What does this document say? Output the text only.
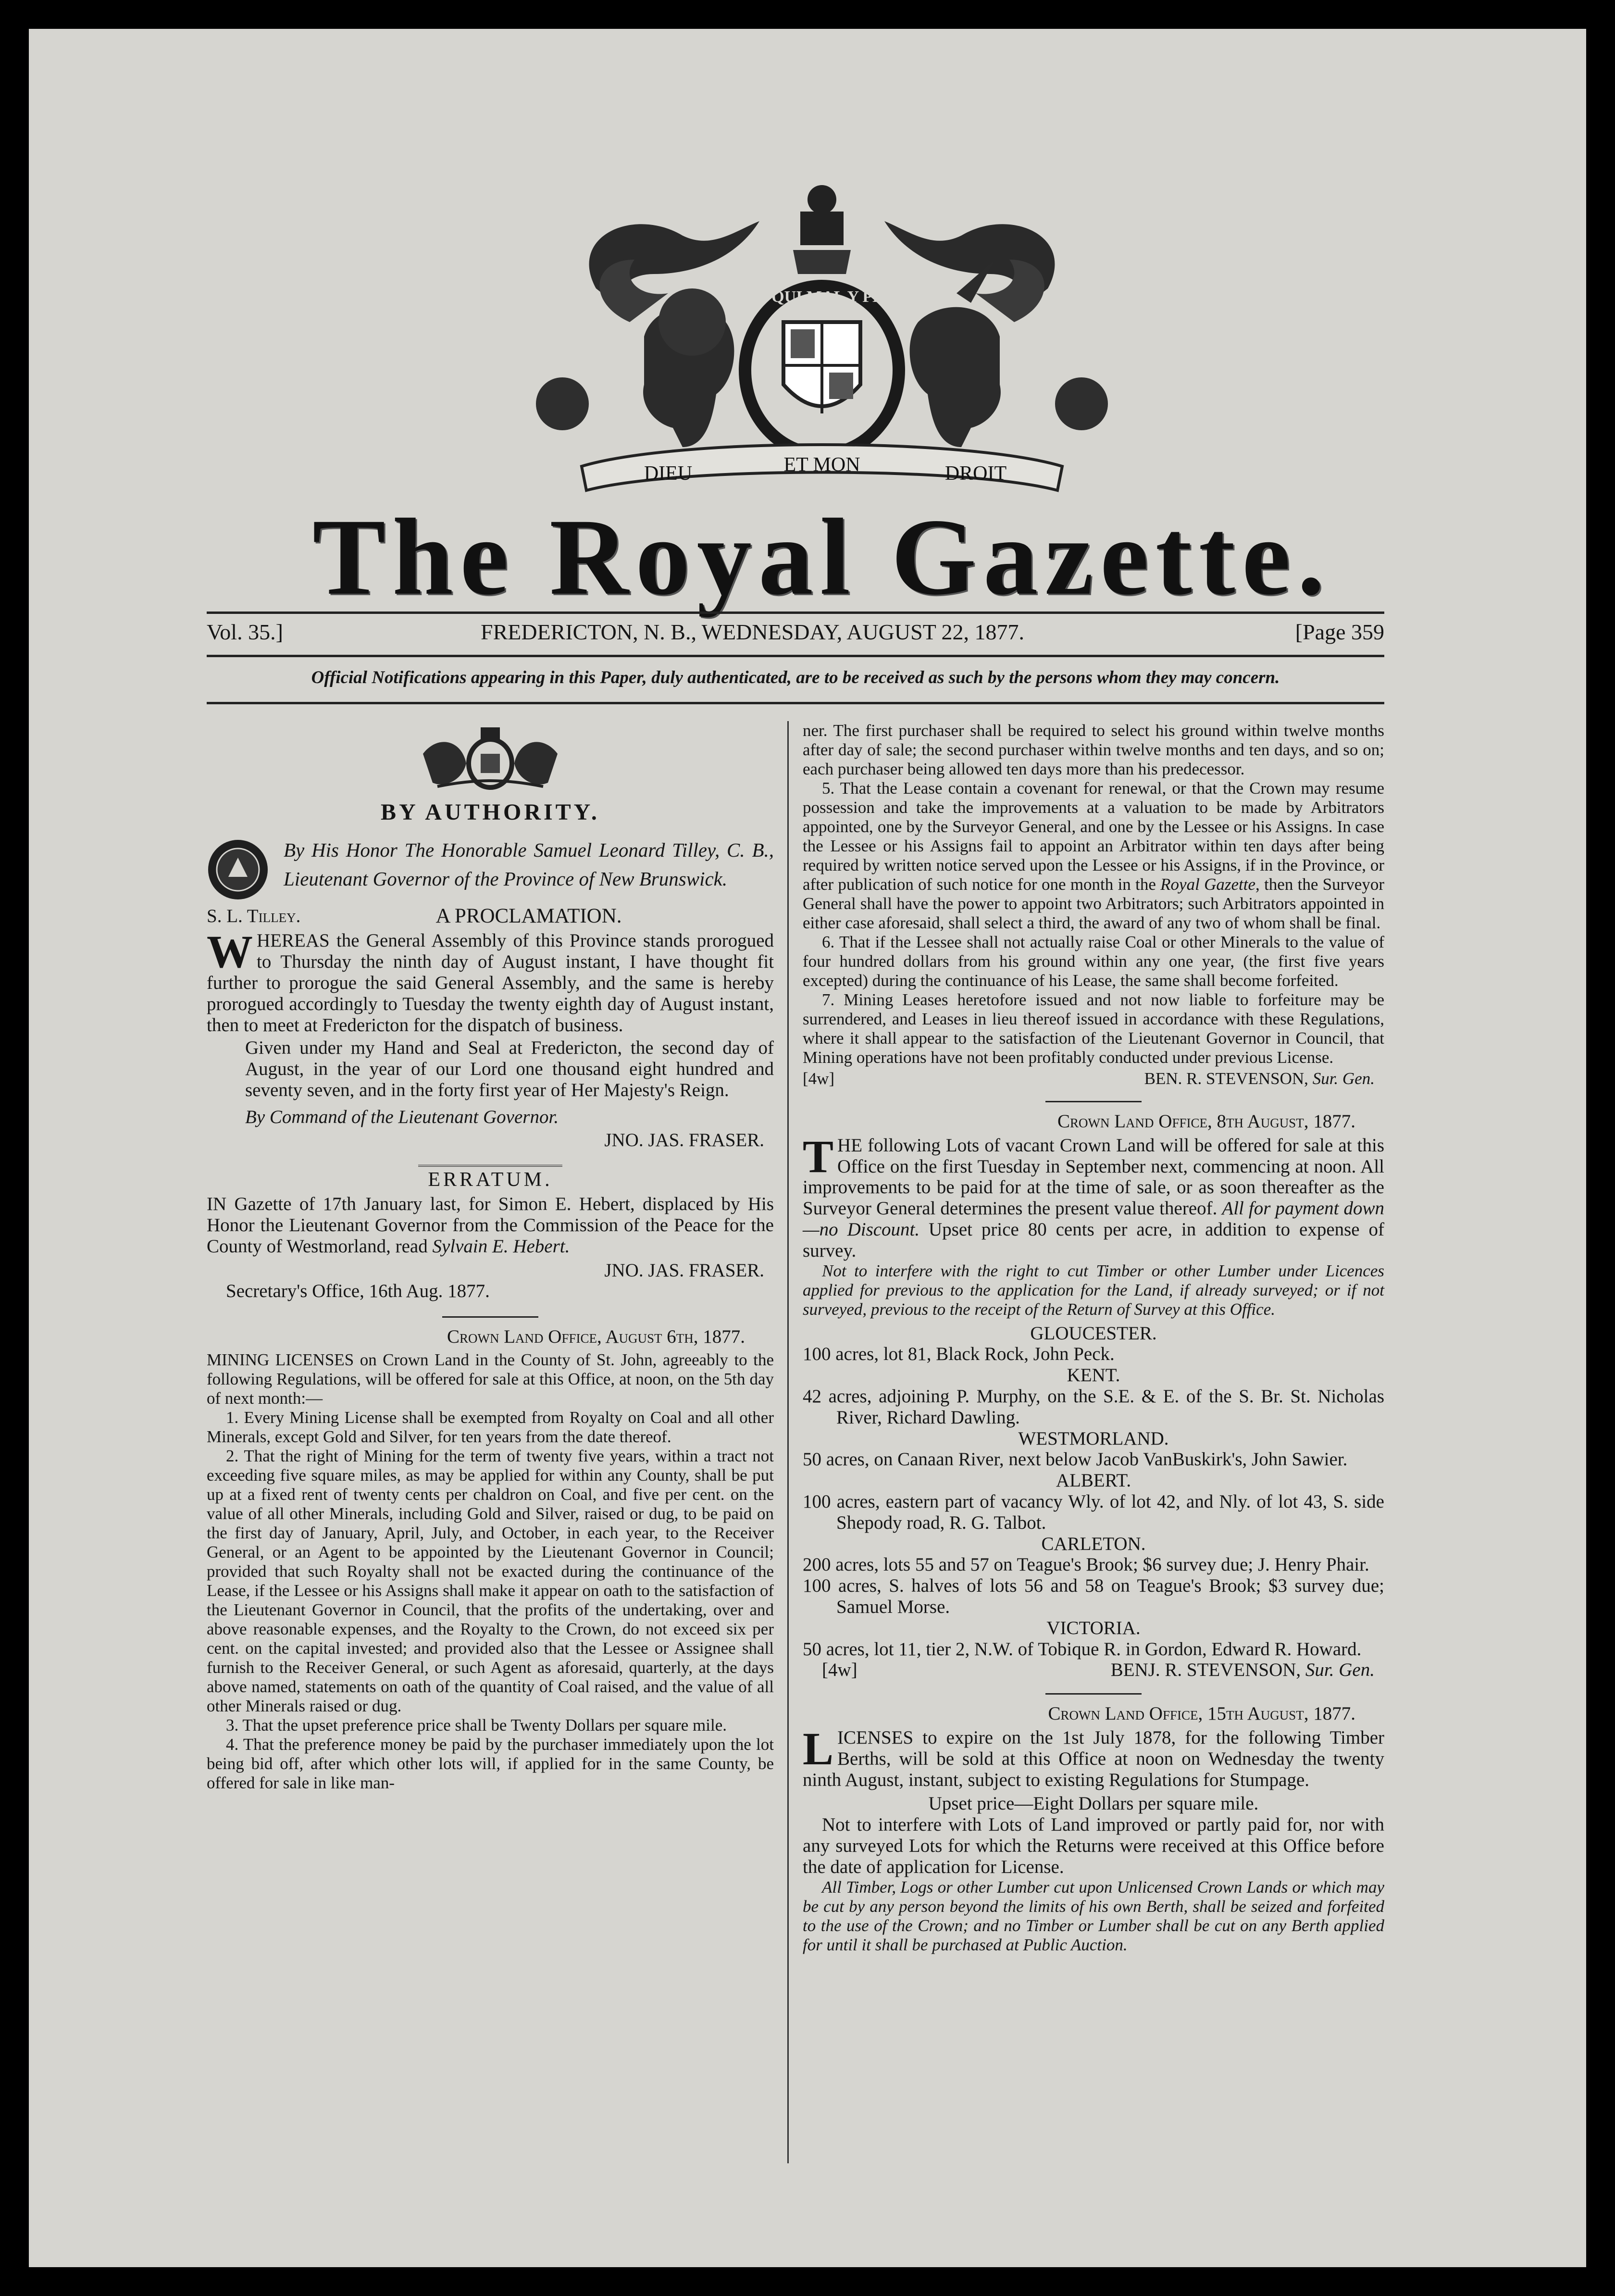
SOIT QUI MAL Y PENSE
DIEU	ET MON	DROIT
The Royal Gazette.
Vol. 35.]	FREDERICTON, N. B., WEDNESDAY, AUGUST 22, 1877.	[Page 359
Official Notifications appearing in this Paper, duly authenticated, are to be received as such by the persons whom they may concern.

BY AUTHORITY.

By His Honor The Honorable Samuel Leonard Tilley, C. B., Lieutenant Governor of the Province of New Brunswick.

S. L. Tilley.	A PROCLAMATION.

WHEREAS the General Assembly of this Province stands prorogued to Thursday the ninth day of August instant, I have thought fit further to prorogue the said General Assembly, and the same is hereby prorogued accordingly to Tuesday the twenty eighth day of August instant, then to meet at Fredericton for the dispatch of business.

Given under my Hand and Seal at Fredericton, the second day of August, in the year of our Lord one thousand eight hundred and seventy seven, and in the forty first year of Her Majesty's Reign.

By Command of the Lieutenant Governor.

JNO. JAS. FRASER.

ERRATUM.

IN Gazette of 17th January last, for Simon E. Hebert, displaced by His Honor the Lieutenant Governor from the Commission of the Peace for the County of Westmorland, read Sylvain E. Hebert.

JNO. JAS. FRASER.

Secretary's Office, 16th Aug. 1877.

Crown Land Office, August 6th, 1877.

MINING LICENSES on Crown Land in the County of St. John, agreeably to the following Regulations, will be offered for sale at this Office, at noon, on the 5th day of next month:—

1. Every Mining License shall be exempted from Royalty on Coal and all other Minerals, except Gold and Silver, for ten years from the date thereof.

2. That the right of Mining for the term of twenty five years, within a tract not exceeding five square miles, as may be applied for within any County, shall be put up at a fixed rent of twenty cents per chaldron on Coal, and five per cent. on the value of all other Minerals, including Gold and Silver, raised or dug, to be paid on the first day of January, April, July, and October, in each year, to the Receiver General, or an Agent to be appointed by the Lieutenant Governor in Council; provided that such Royalty shall not be exacted during the continuance of the Lease, if the Lessee or his Assigns shall make it appear on oath to the satisfaction of the Lieutenant Governor in Council, that the profits of the undertaking, over and above reasonable expenses, and the Royalty to the Crown, do not exceed six per cent. on the capital invested; and provided also that the Lessee or Assignee shall furnish to the Receiver General, or such Agent as aforesaid, quarterly, at the days above named, statements on oath of the quantity of Coal raised, and the value of all other Minerals raised or dug.

3. That the upset preference price shall be Twenty Dollars per square mile.

4. That the preference money be paid by the purchaser immediately upon the lot being bid off, after which other lots will, if applied for in the same County, be offered for sale in like man-

ner. The first purchaser shall be required to select his ground within twelve months after day of sale; the second purchaser within twelve months and ten days, and so on; each purchaser being allowed ten days more than his predecessor.

5. That the Lease contain a covenant for renewal, or that the Crown may resume possession and take the improvements at a valuation to be made by Arbitrators appointed, one by the Surveyor General, and one by the Lessee or his Assigns. In case the Lessee or his Assigns fail to appoint an Arbitrator within ten days after being required by written notice served upon the Lessee or his Assigns, if in the Province, or after publication of such notice for one month in the Royal Gazette, then the Surveyor General shall have the power to appoint two Arbitrators; such Arbitrators appointed in either case aforesaid, shall select a third, the award of any two of whom shall be final.

6. That if the Lessee shall not actually raise Coal or other Minerals to the value of four hundred dollars from his ground within any one year, (the first five years excepted) during the continuance of his Lease, the same shall become forfeited.

7. Mining Leases heretofore issued and not now liable to forfeiture may be surrendered, and Leases in lieu thereof issued in accordance with these Regulations, where it shall appear to the satisfaction of the Lieutenant Governor in Council, that Mining operations have not been profitably conducted under previous License.

[4w]	BEN. R. STEVENSON, Sur. Gen.

Crown Land Office, 8th August, 1877.

THE following Lots of vacant Crown Land will be offered for sale at this Office on the first Tuesday in September next, commencing at noon. All improvements to be paid for at the time of sale, or as soon thereafter as the Surveyor General determines the present value thereof. All for payment down—no Discount. Upset price 80 cents per acre, in addition to expense of survey.

Not to interfere with the right to cut Timber or other Lumber under Licences applied for previous to the application for the Land, if already surveyed; or if not surveyed, previous to the receipt of the Return of Survey at this Office.

GLOUCESTER.

100 acres, lot 81, Black Rock, John Peck.

KENT.

42 acres, adjoining P. Murphy, on the S.E. & E. of the S. Br. St. Nicholas River, Richard Dawling.

WESTMORLAND.

50 acres, on Canaan River, next below Jacob VanBuskirk's, John Sawier.

ALBERT.

100 acres, eastern part of vacancy Wly. of lot 42, and Nly. of lot 43, S. side Shepody road, R. G. Talbot.

CARLETON.

200 acres, lots 55 and 57 on Teague's Brook; $6 survey due; J. Henry Phair.

100 acres, S. halves of lots 56 and 58 on Teague's Brook; $3 survey due; Samuel Morse.

VICTORIA.

50 acres, lot 11, tier 2, N.W. of Tobique R. in Gordon, Edward R. Howard.

[4w]	BENJ. R. STEVENSON, Sur. Gen.

Crown Land Office, 15th August, 1877.

LICENSES to expire on the 1st July 1878, for the following Timber Berths, will be sold at this Office at noon on Wednesday the twenty ninth August, instant, subject to existing Regulations for Stumpage.

Upset price—Eight Dollars per square mile.

Not to interfere with Lots of Land improved or partly paid for, nor with any surveyed Lots for which the Returns were received at this Office before the date of application for License.

All Timber, Logs or other Lumber cut upon Unlicensed Crown Lands or which may be cut by any person beyond the limits of his own Berth, shall be seized and forfeited to the use of the Crown; and no Timber or Lumber shall be cut on any Berth applied for until it shall be purchased at Public Auction.
